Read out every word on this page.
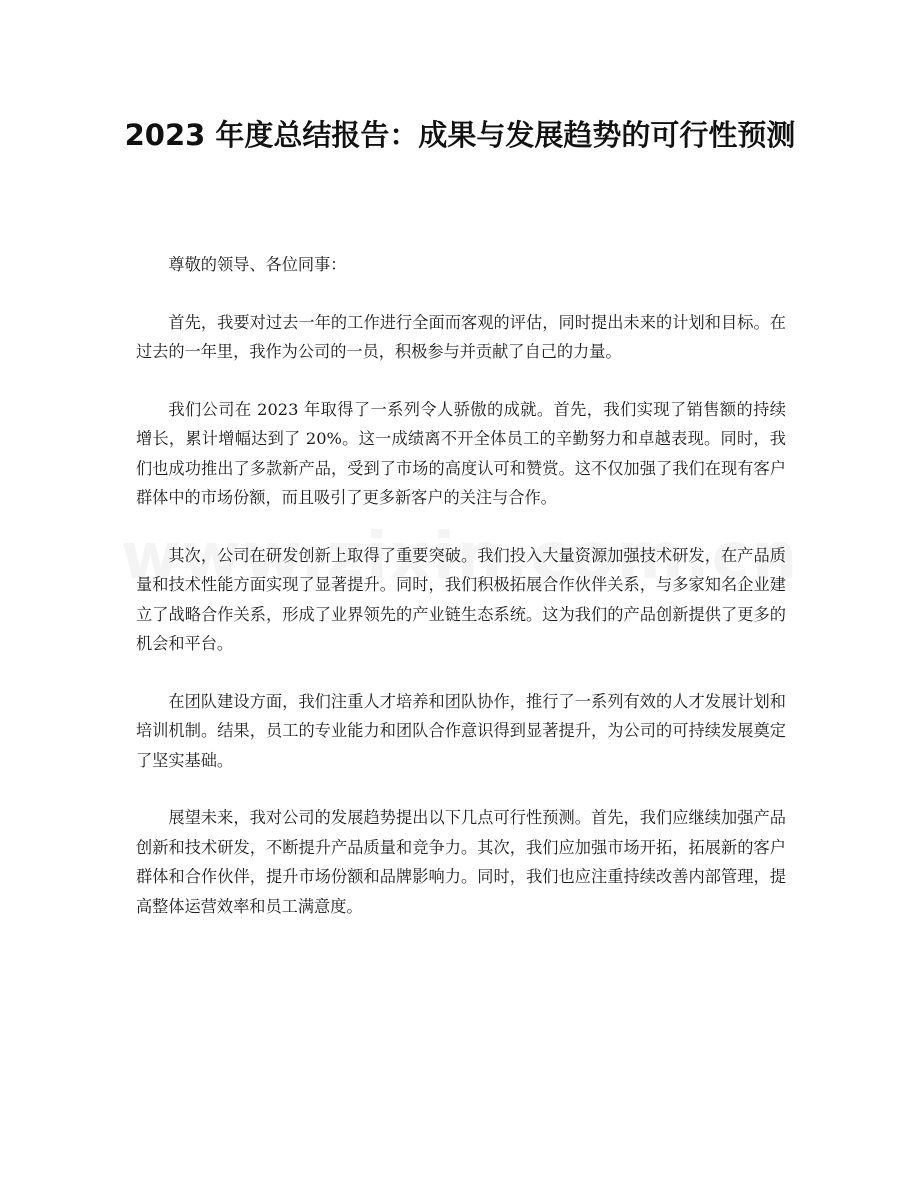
2023 年度总结报告：成果与发展趋势的可行性预测

尊敬的领导、各位同事：

首先，我要对过去一年的工作进行全面而客观的评估，同时提出未来的计划和目标。在过去的一年里，我作为公司的一员，积极参与并贡献了自己的力量。

我们公司在 2023 年取得了一系列令人骄傲的成就。首先，我们实现了销售额的持续增长，累计增幅达到了 20%。这一成绩离不开全体员工的辛勤努力和卓越表现。同时，我们也成功推出了多款新产品，受到了市场的高度认可和赞赏。这不仅加强了我们在现有客户群体中的市场份额，而且吸引了更多新客户的关注与合作。

其次，公司在研发创新上取得了重要突破。我们投入大量资源加强技术研发，在产品质量和技术性能方面实现了显著提升。同时，我们积极拓展合作伙伴关系，与多家知名企业建立了战略合作关系，形成了业界领先的产业链生态系统。这为我们的产品创新提供了更多的机会和平台。

在团队建设方面，我们注重人才培养和团队协作，推行了一系列有效的人才发展计划和培训机制。结果，员工的专业能力和团队合作意识得到显著提升，为公司的可持续发展奠定了坚实基础。

展望未来，我对公司的发展趋势提出以下几点可行性预测。首先，我们应继续加强产品创新和技术研发，不断提升产品质量和竞争力。其次，我们应加强市场开拓，拓展新的客户群体和合作伙伴，提升市场份额和品牌影响力。同时，我们也应注重持续改善内部管理，提高整体运营效率和员工满意度。
